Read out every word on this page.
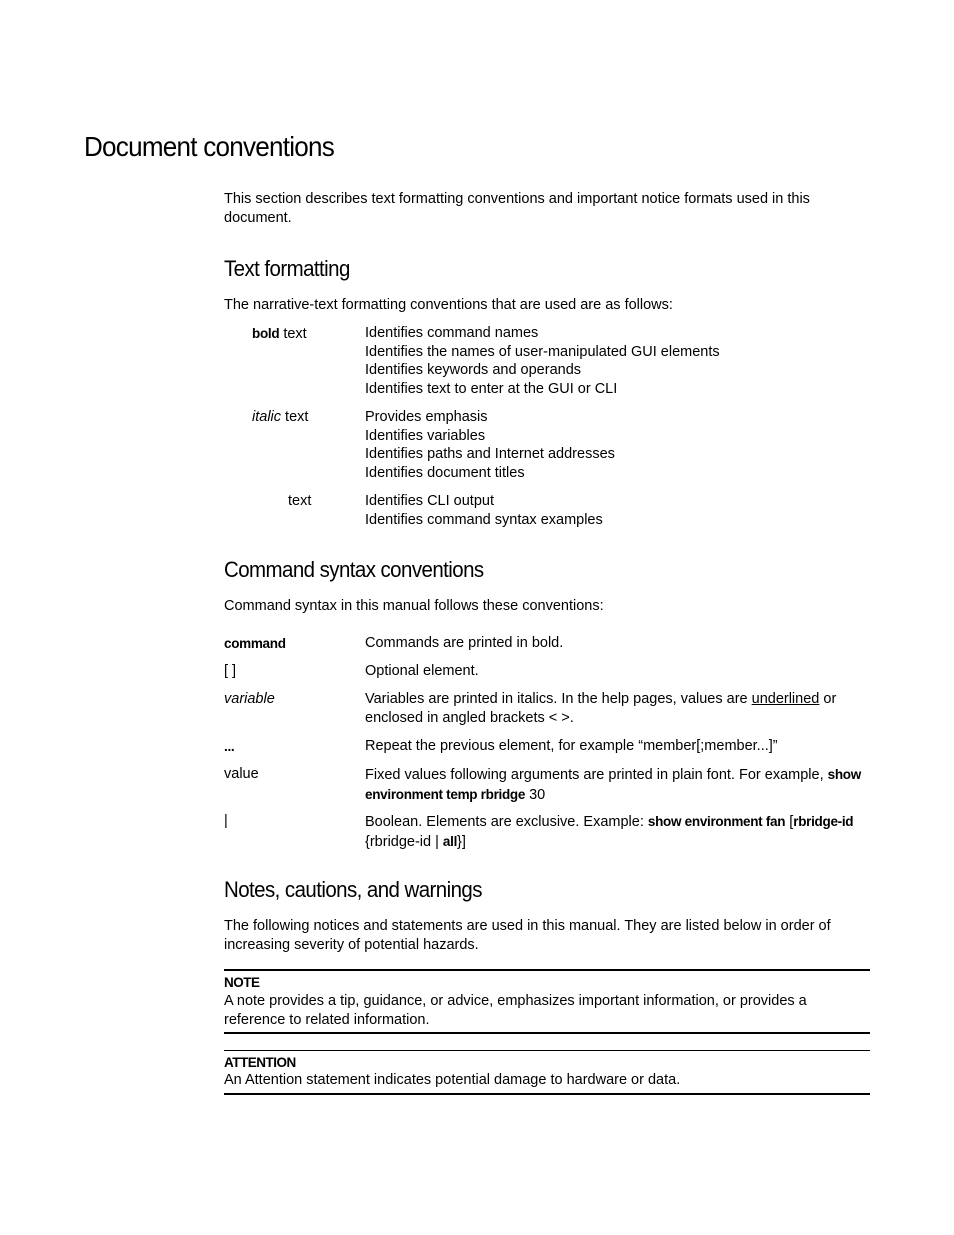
Document conventions

This section describes text formatting conventions and important notice formats used in this document.

Text formatting

The narrative-text formatting conventions that are used are as follows:

bold text	Identifies command names
Identifies the names of user-manipulated GUI elements
Identifies keywords and operands
Identifies text to enter at the GUI or CLI
italic text	Provides emphasis
Identifies variables
Identifies paths and Internet addresses
Identifies document titles
text	Identifies CLI output
Identifies command syntax examples
Command syntax conventions

Command syntax in this manual follows these conventions:

command	Commands are printed in bold.
[ ]	Optional element.
variable	Variables are printed in italics. In the help pages, values are underlined or enclosed in angled brackets < >.
...	Repeat the previous element, for example “member[;member...]”
value	Fixed values following arguments are printed in plain font. For example, show environment temp rbridge 30
|	Boolean. Elements are exclusive. Example: show environment fan [rbridge-id {rbridge-id | all}]
Notes, cautions, and warnings

The following notices and statements are used in this manual. They are listed below in order of increasing severity of potential hazards.

NOTE
A note provides a tip, guidance, or advice, emphasizes important information, or provides a reference to related information.
ATTENTION
An Attention statement indicates potential damage to hardware or data.
